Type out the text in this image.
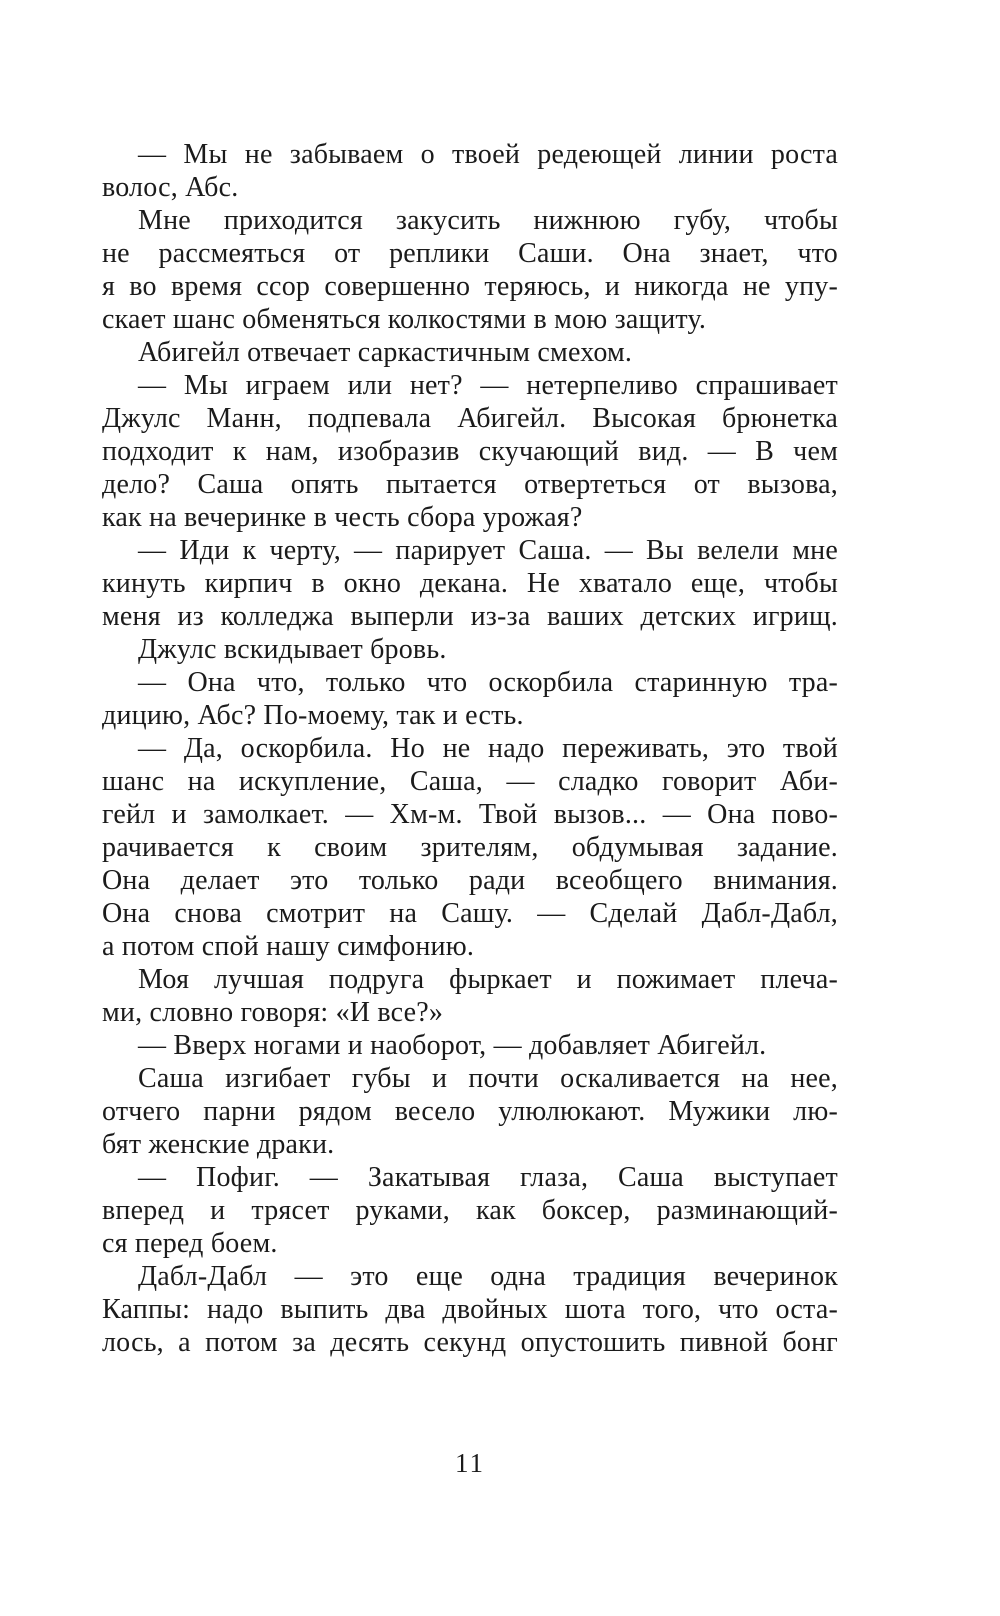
— Мы не забываем о твоей редеющей линии роста
волос, Абс.
Мне приходится закусить нижнюю губу, чтобы
не рассмеяться от реплики Саши. Она знает, что
я во время ссор совершенно теряюсь, и никогда не упу-
скает шанс обменяться колкостями в мою защиту.
Абигейл отвечает саркастичным смехом.
— Мы играем или нет? — нетерпеливо спрашивает
Джулс Манн, подпевала Абигейл. Высокая брюнетка
подходит к нам, изобразив скучающий вид. — В чем
дело? Саша опять пытается отвертеться от вызова,
как на вечеринке в честь сбора урожая?
— Иди к черту, — парирует Саша. — Вы велели мне
кинуть кирпич в окно декана. Не хватало еще, чтобы
меня из колледжа выперли из-за ваших детских игрищ.
Джулс вскидывает бровь.
— Она что, только что оскорбила старинную тра-
дицию, Абс? По-моему, так и есть.
— Да, оскорбила. Но не надо переживать, это твой
шанс на искупление, Саша, — сладко говорит Аби-
гейл и замолкает. — Хм-м. Твой вызов... — Она пово-
рачивается к своим зрителям, обдумывая задание.
Она делает это только ради всеобщего внимания.
Она снова смотрит на Сашу. — Сделай Дабл-Дабл,
а потом спой нашу симфонию.
Моя лучшая подруга фыркает и пожимает плеча-
ми, словно говоря: «И все?»
— Вверх ногами и наоборот, — добавляет Абигейл.
Саша изгибает губы и почти оскаливается на нее,
отчего парни рядом весело улюлюкают. Мужики лю-
бят женские драки.
— Пофиг. — Закатывая глаза, Саша выступает
вперед и трясет руками, как боксер, разминающий-
ся перед боем.
Дабл-Дабл — это еще одна традиция вечеринок
Каппы: надо выпить два двойных шота того, что оста-
лось, а потом за десять секунд опустошить пивной бонг
11
